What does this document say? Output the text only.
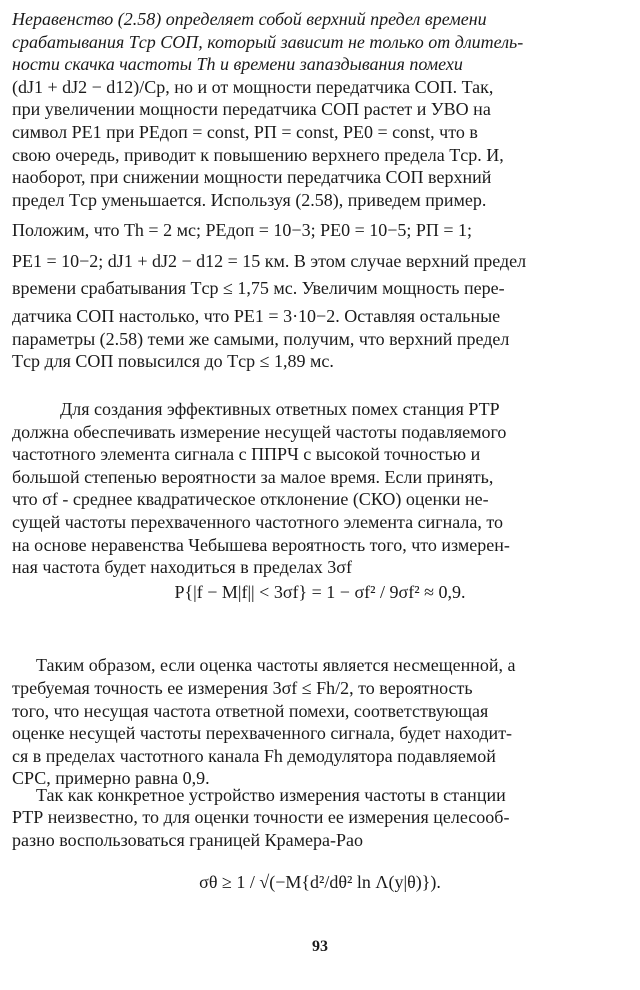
Неравенство (2.58) определяет собой верхний предел времени
срабатывания Tср СОП, который зависит не только от длитель-
ности скачка частоты Th и времени запаздывания помехи
(dJ1 + dJ2 − d12)/Cр, но и от мощности передатчика СОП. Так,
при увеличении мощности передатчика СОП растет и УВО на
символ PE1 при PEдоп = const, PП = const, PE0 = const, что в
свою очередь, приводит к повышению верхнего предела Tср. И,
наоборот, при снижении мощности передатчика СОП верхний
предел Tср уменьшается. Используя (2.58), приведем пример.
Положим, что Th = 2 мс; PEдоп = 10−3; PE0 = 10−5; PП = 1;
PE1 = 10−2; dJ1 + dJ2 − d12 = 15 км. В этом случае верхний предел
времени срабатывания Tср ≤ 1,75 мс. Увеличим мощность пере-
датчика СОП настолько, что PE1 = 3·10−2. Оставляя остальные
параметры (2.58) теми же самыми, получим, что верхний предел
Tср для СОП повысился до Tср ≤ 1,89 мс.
Для создания эффективных ответных помех станция РТР
должна обеспечивать измерение несущей частоты подавляемого
частотного элемента сигнала с ППРЧ с высокой точностью и
большой степенью вероятности за малое время. Если принять,
что σf - среднее квадратическое отклонение (СКО) оценки не-
сущей частоты перехваченного частотного элемента сигнала, то
на основе неравенства Чебышева вероятность того, что измерен-
ная частота будет находиться в пределах 3σf
P{|f − M|f|| < 3σf} = 1 − σf² / 9σf² ≈ 0,9.
Таким образом, если оценка частоты является несмещенной, а
требуемая точность ее измерения 3σf ≤ Fh/2, то вероятность
того, что несущая частота ответной помехи, соответствующая
оценке несущей частоты перехваченного сигнала, будет находит-
ся в пределах частотного канала Fh демодулятора подавляемой
СРС, примерно равна 0,9.
Так как конкретное устройство измерения частоты в станции
РТР неизвестно, то для оценки точности ее измерения целесооб-
разно воспользоваться границей Крамера-Рао
σθ ≥ 1 / √(−M{d²/dθ² ln Λ(y|θ)}).
93
